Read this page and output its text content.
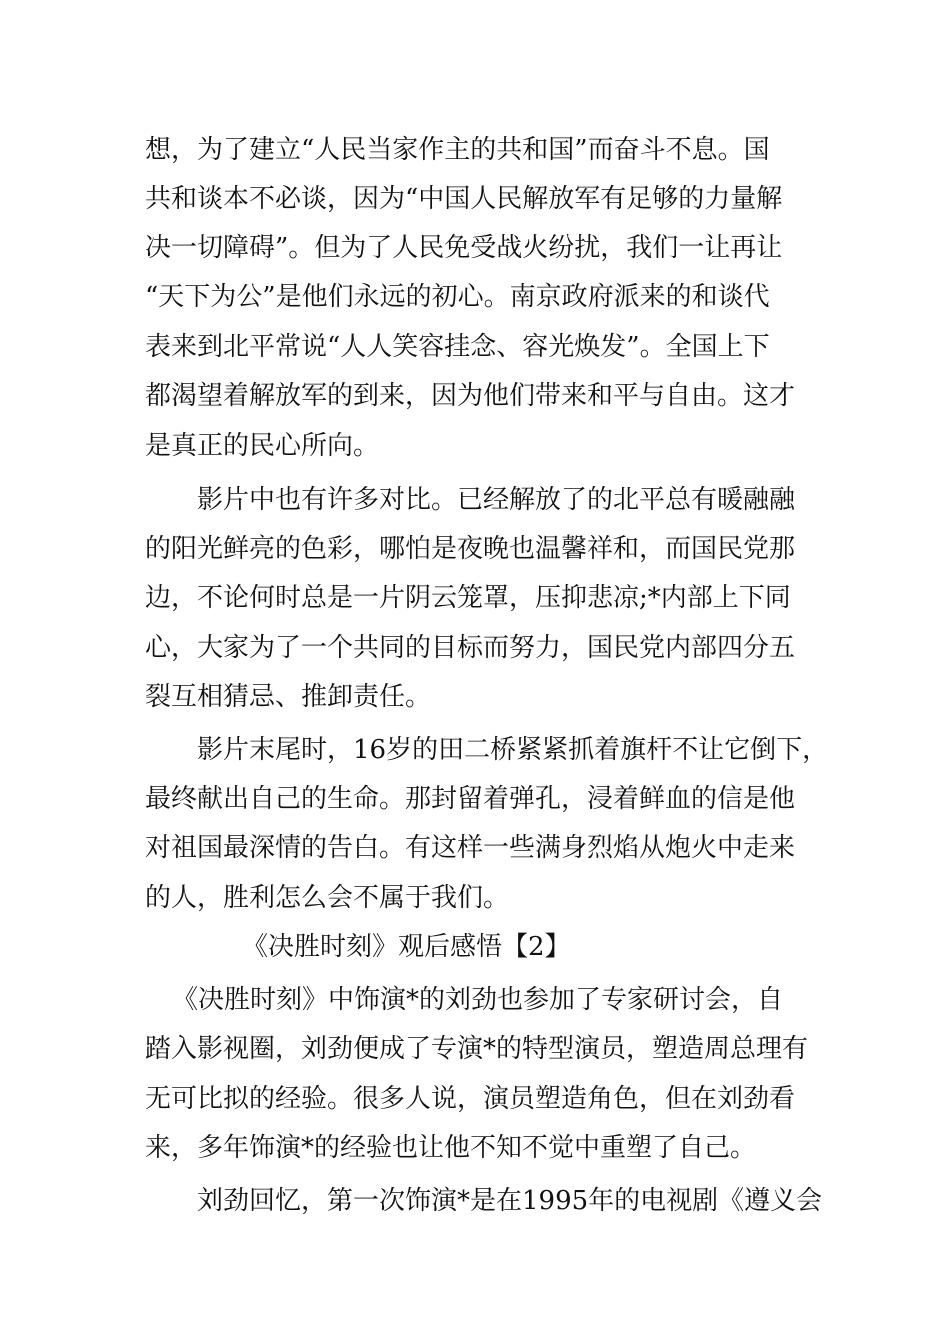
想，为了建立“人民当家作主的共和国”而奋斗不息。国
共和谈本不必谈，因为“中国人民解放军有足够的力量解
决一切障碍”。但为了人民免受战火纷扰，我们一让再让
“天下为公”是他们永远的初心。南京政府派来的和谈代
表来到北平常说“人人笑容挂念、容光焕发”。全国上下
都渴望着解放军的到来，因为他们带来和平与自由。这才
是真正的民心所向。
影片中也有许多对比。已经解放了的北平总有暖融融
的阳光鲜亮的色彩，哪怕是夜晚也温馨祥和，而国民党那
边，不论何时总是一片阴云笼罩，压抑悲凉;*内部上下同
心，大家为了一个共同的目标而努力，国民党内部四分五
裂互相猜忌、推卸责任。
影片末尾时，16岁的田二桥紧紧抓着旗杆不让它倒下，
最终献出自己的生命。那封留着弹孔，浸着鲜血的信是他
对祖国最深情的告白。有这样一些满身烈焰从炮火中走来
的人，胜利怎么会不属于我们。
《决胜时刻》观后感悟【2】
《决胜时刻》中饰演*的刘劲也参加了专家研讨会，自
踏入影视圈，刘劲便成了专演*的特型演员，塑造周总理有
无可比拟的经验。很多人说，演员塑造角色，但在刘劲看
来，多年饰演*的经验也让他不知不觉中重塑了自己。
刘劲回忆，第一次饰演*是在1995年的电视剧《遵义会
